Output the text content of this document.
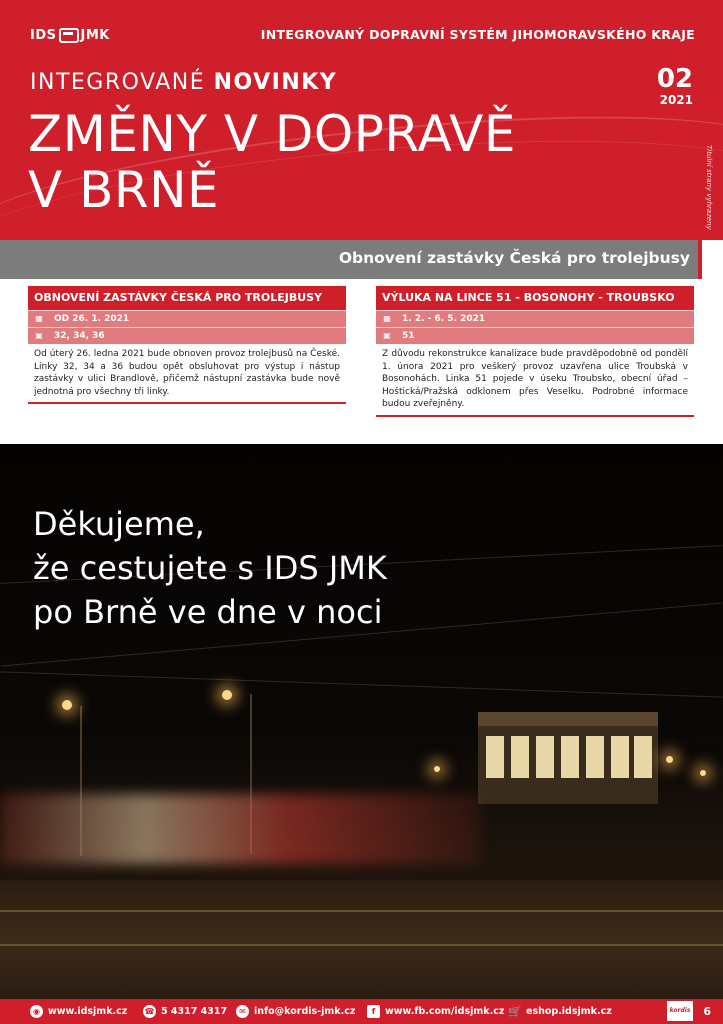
IDS JMK	INTEGROVANÝ DOPRAVNÍ SYSTÉM JIHOMORAVSKÉHO KRAJE
INTEGROVANÉ NOVINKY	02
2021
ZMĚNY V DOPRAVĚ
V BRNĚ	Titulní strany vyhrazeny
Obnovení zastávky Česká pro trolejbusy
OBNOVENÍ ZASTÁVKY ČESKÁ PRO TROLEJBUSY
▦ OD 26. 1. 2021
▣ 32, 34, 36
Od úterý 26. ledna 2021 bude obnoven provoz trolejbusů na České. Linky 32, 34 a 36 budou opět obsluhovat pro výstup i nástup zastávky v ulici Brandlově, přičemž nástupní zastávka bude nově jednotná pro všechny tři linky.
VÝLUKA NA LINCE 51 - BOSONOHY - TROUBSKO
▦ 1. 2. - 6. 5. 2021
▣ 51
Z důvodu rekonstrukce kanalizace bude pravděpodobně od pondělí 1. února 2021 pro veškerý provoz uzavřena ulice Troubská v Bosonohách. Linka 51 pojede v úseku Troubsko, obecní úřad – Hoštická/Pražská odklonem přes Veselku. Podrobné informace budou zveřejněny.
Děkujeme,
že cestujete s IDS JMK
po Brně ve dne v noci
◉ www.idsjmk.cz ☎ 5 4317 4317	✉ info@kordis-jmk.cz	f	www.fb.com/idsjmk.cz 🛒 eshop.idsjmk.cz	kordis 6
